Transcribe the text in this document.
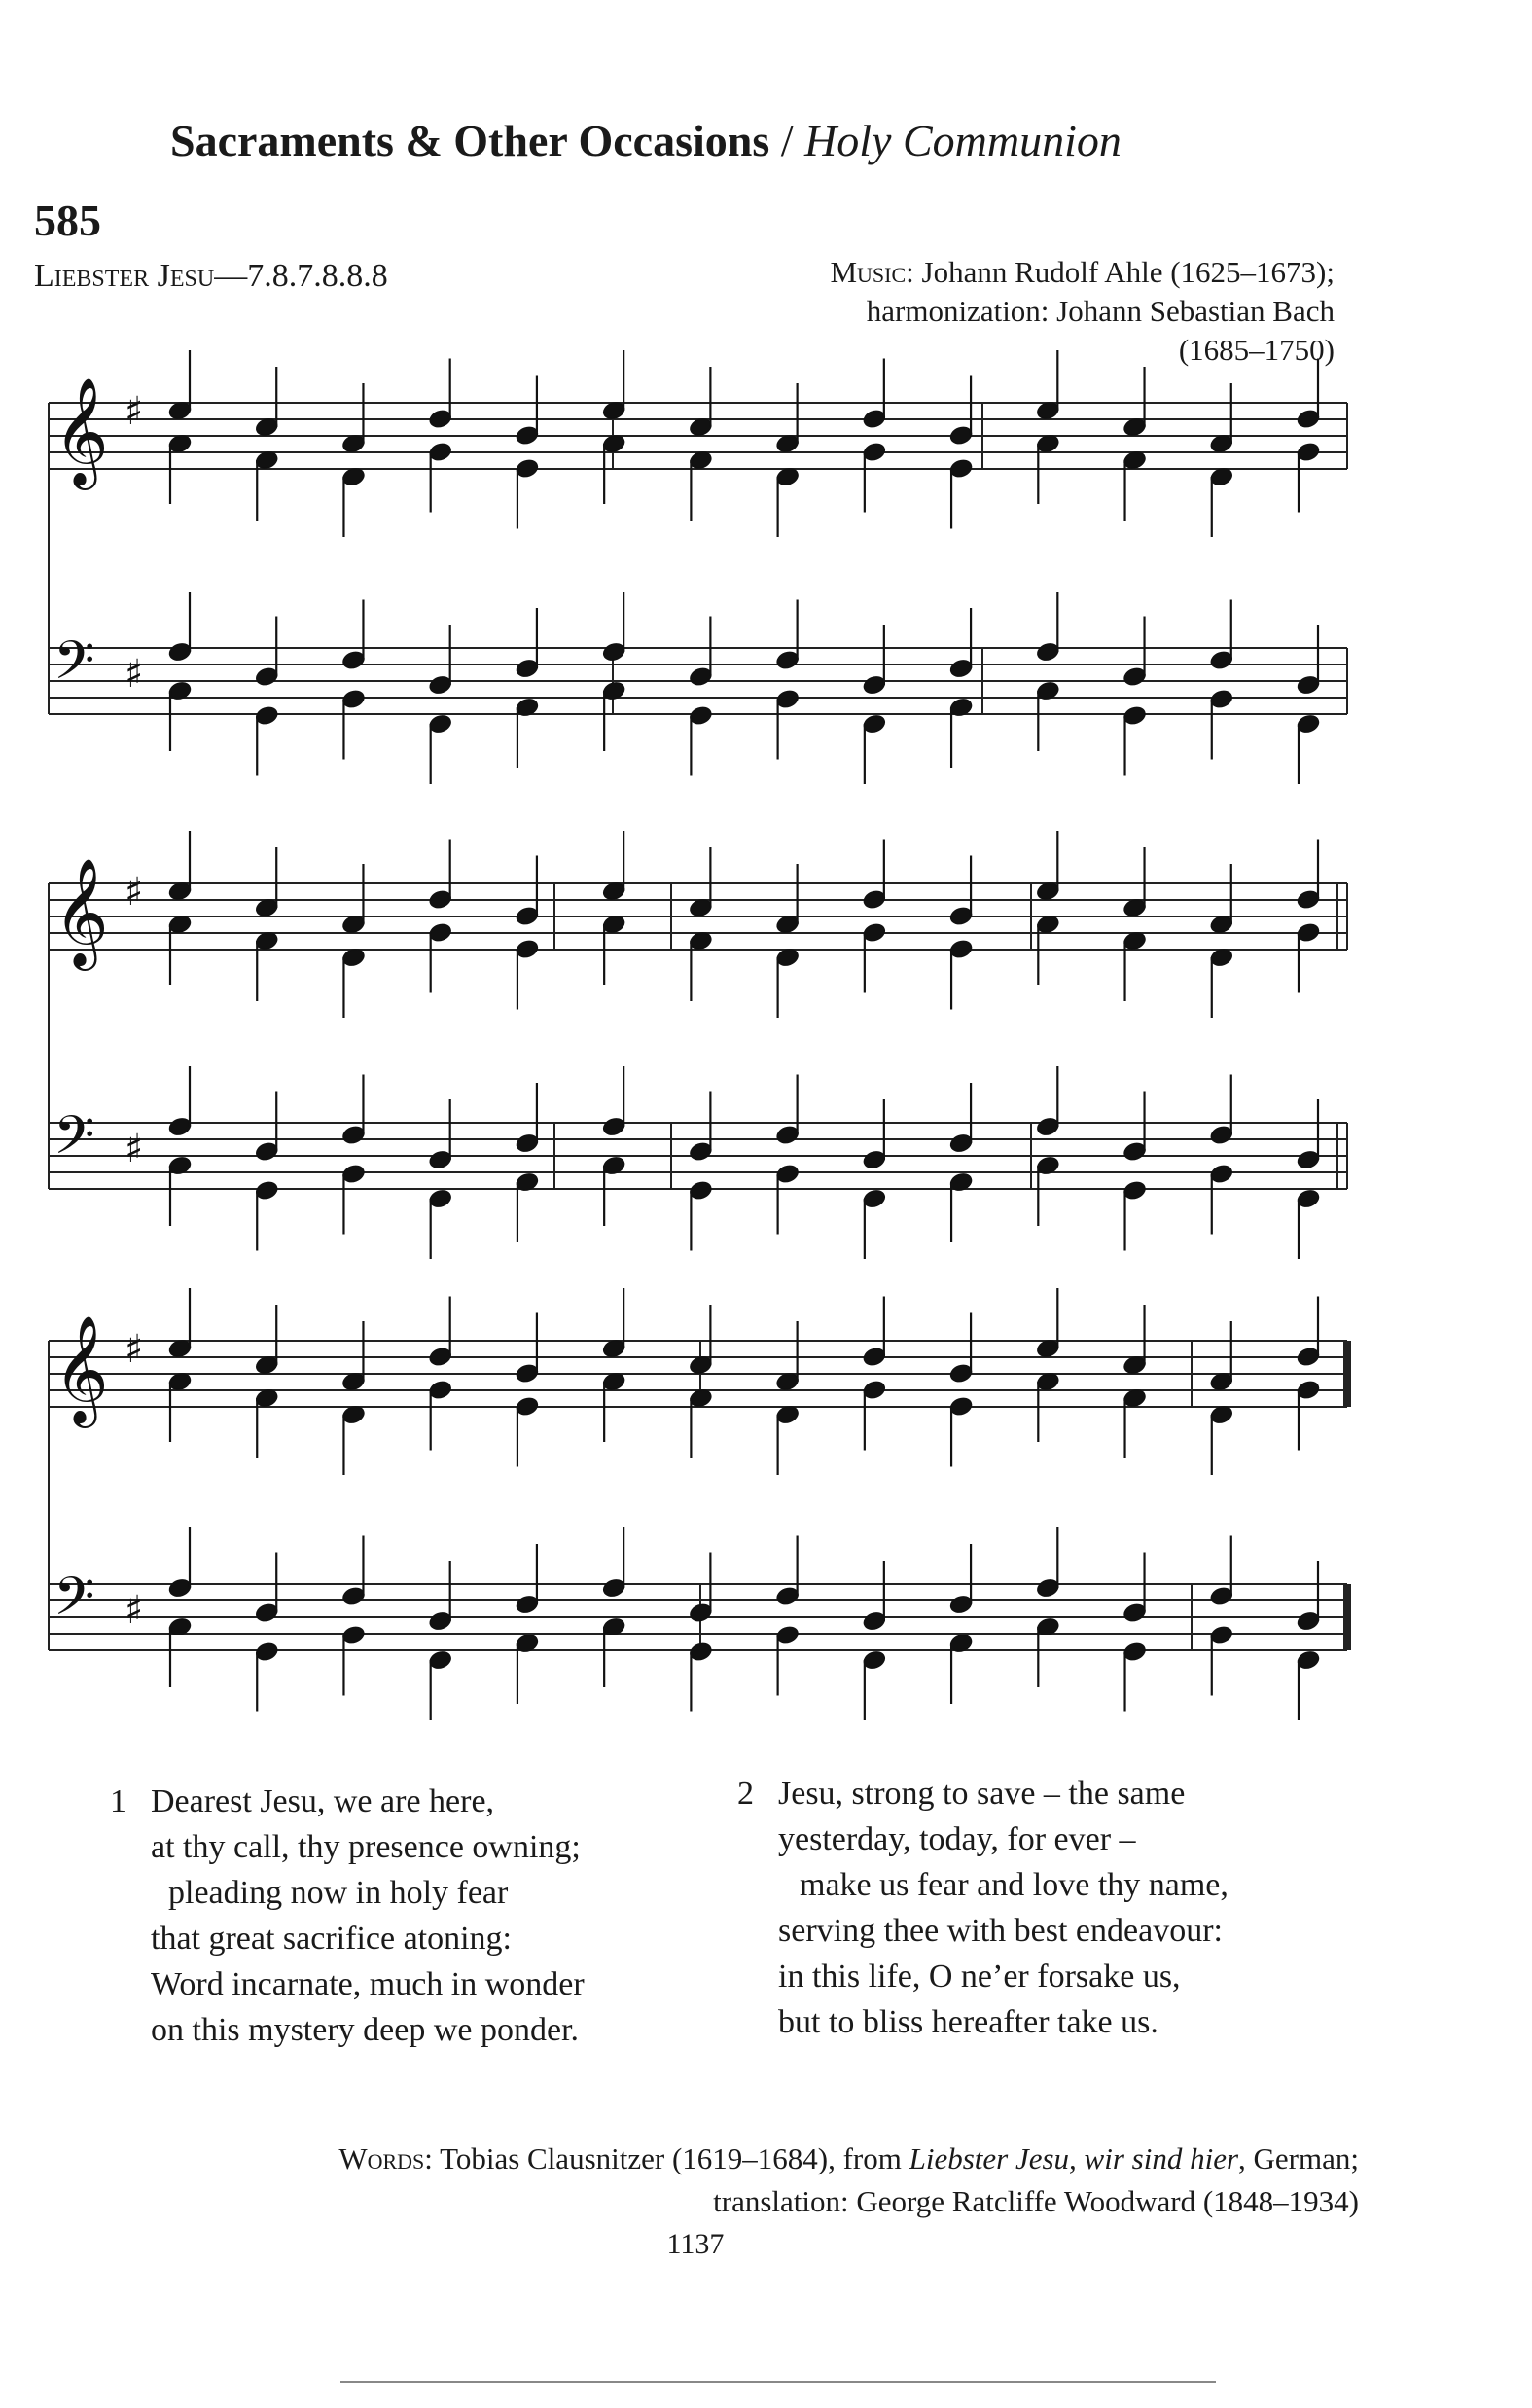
Sacraments & Other Occasions / Holy Communion
585
Liebster Jesu—7.8.7.8.8.8	Music: Johann Rudolf Ahle (1625–1673);
harmonization: Johann Sebastian Bach
(1685–1750)
𝄞 ♯
𝄢 ♯
𝄞 ♯
𝄢 ♯
𝄞 ♯
𝄢 ♯
1 Dearest Jesu, we are here,
at thy call, thy presence owning;
pleading now in holy fear
that great sacrifice atoning:
Word incarnate, much in wonder
on this mystery deep we ponder.
2 Jesu, strong to save – the same
yesterday, today, for ever –
make us fear and love thy name,
serving thee with best endeavour:
in this life, O ne’er forsake us,
but to bliss hereafter take us.
Words: Tobias Clausnitzer (1619–1684), from Liebster Jesu, wir sind hier, German;
translation: George Ratcliffe Woodward (1848–1934)
1137
